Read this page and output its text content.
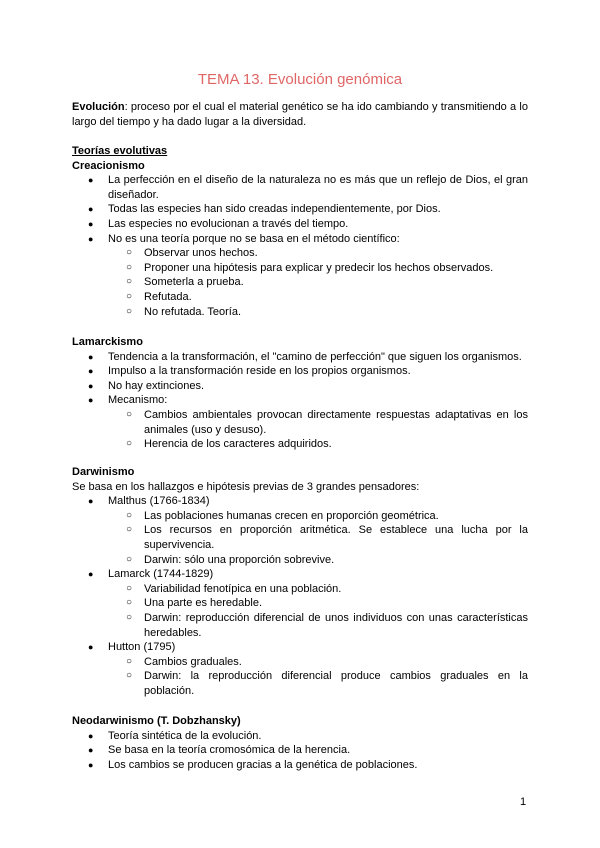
TEMA 13. Evolución genómica
Evolución: proceso por el cual el material genético se ha ido cambiando y transmitiendo a lo largo del tiempo y ha dado lugar a la diversidad.
Teorías evolutivas
Creacionismo
● La perfección en el diseño de la naturaleza no es más que un reflejo de Dios, el gran diseñador.
● Todas las especies han sido creadas independientemente, por Dios.
● Las especies no evolucionan a través del tiempo.
● No es una teoría porque no se basa en el método científico:
○ Observar unos hechos.
○ Proponer una hipótesis para explicar y predecir los hechos observados.
○ Someterla a prueba.
○ Refutada.
○ No refutada. Teoría.
Lamarckismo
● Tendencia a la transformación, el "camino de perfección" que siguen los organismos.
● Impulso a la transformación reside en los propios organismos.
● No hay extinciones.
● Mecanismo:
○ Cambios ambientales provocan directamente respuestas adaptativas en los animales (uso y desuso).
○ Herencia de los caracteres adquiridos.
Darwinismo
Se basa en los hallazgos e hipótesis previas de 3 grandes pensadores:
● Malthus (1766-1834)
○ Las poblaciones humanas crecen en proporción geométrica.
○ Los recursos en proporción aritmética. Se establece una lucha por la supervivencia.
○ Darwin: sólo una proporción sobrevive.
● Lamarck (1744-1829)
○ Variabilidad fenotípica en una población.
○ Una parte es heredable.
○ Darwin: reproducción diferencial de unos individuos con unas características heredables.
● Hutton (1795)
○ Cambios graduales.
○ Darwin: la reproducción diferencial produce cambios graduales en la población.
Neodarwinismo (T. Dobzhansky)
● Teoría sintética de la evolución.
● Se basa en la teoría cromosómica de la herencia.
● Los cambios se producen gracias a la genética de poblaciones.
1
